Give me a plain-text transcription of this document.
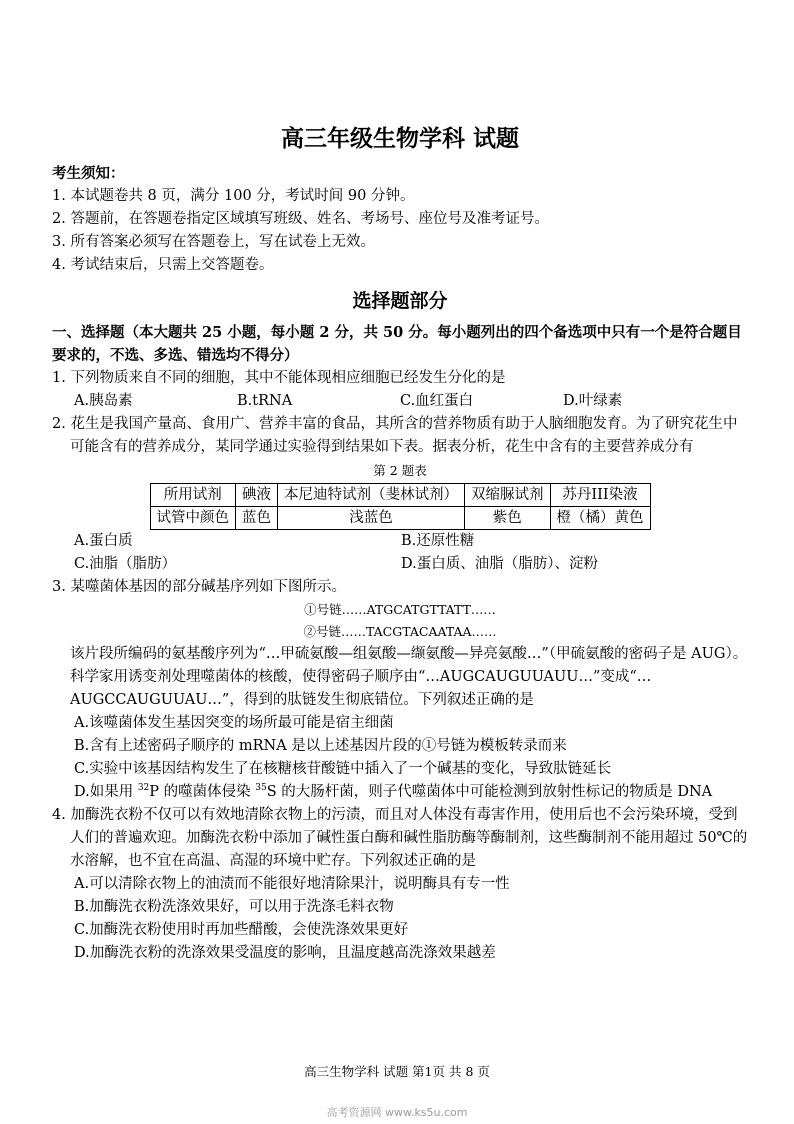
高三年级生物学科 试题

考生须知：

1. 本试题卷共 8 页，满分 100 分，考试时间 90 分钟。

2. 答题前，在答题卷指定区域填写班级、姓名、考场号、座位号及准考证号。

3. 所有答案必须写在答题卷上，写在试卷上无效。

4. 考试结束后，只需上交答题卷。

选择题部分

一、选择题（本大题共 25 小题，每小题 2 分，共 50 分。每小题列出的四个备选项中只有一个是符合题目要求的，不选、多选、错选均不得分）

1. 下列物质来自不同的细胞，其中不能体现相应细胞已经发生分化的是

A.胰岛素	B.tRNA	C.血红蛋白	D.叶绿素

2. 花生是我国产量高、食用广、营养丰富的食品，其所含的营养物质有助于人脑细胞发育。为了研究花生中可能含有的营养成分，某同学通过实验得到结果如下表。据表分析，花生中含有的主要营养成分有

第 2 题表
所用试剂	碘液	本尼迪特试剂（斐林试剂）	双缩脲试剂	苏丹III染液
试管中颜色	蓝色	浅蓝色	紫色	橙（橘）黄色
A.蛋白质	B.还原性糖
C.油脂（脂肪）	D.蛋白质、油脂（脂肪）、淀粉

3. 某噬菌体基因的部分碱基序列如下图所示。

①号链……ATGCATGTTATT……

②号链……TACGTACAATAA……

该片段所编码的氨基酸序列为“…甲硫氨酸—组氨酸—缬氨酸—异亮氨酸…”（甲硫氨酸的密码子是 AUG）。科学家用诱变剂处理噬菌体的核酸，使得密码子顺序由“…AUGCAUGUUAUU…”变成“…AUGCCAUGUUAU…”，得到的肽链发生彻底错位。下列叙述正确的是

A.该噬菌体发生基因突变的场所最可能是宿主细菌

B.含有上述密码子顺序的 mRNA 是以上述基因片段的①号链为模板转录而来

C.实验中该基因结构发生了在核糖核苷酸链中插入了一个碱基的变化，导致肽链延长

D.如果用 $^{32}$P 的噬菌体侵染 $^{35}$S 的大肠杆菌，则子代噬菌体中可能检测到放射性标记的物质是 DNA

4. 加酶洗衣粉不仅可以有效地清除衣物上的污渍，而且对人体没有毒害作用，使用后也不会污染环境，受到人们的普遍欢迎。加酶洗衣粉中添加了碱性蛋白酶和碱性脂肪酶等酶制剂，这些酶制剂不能用超过 50℃的水溶解，也不宜在高温、高湿的环境中贮存。下列叙述正确的是

A.可以清除衣物上的油渍而不能很好地清除果汁，说明酶具有专一性

B.加酶洗衣粉洗涤效果好，可以用于洗涤毛料衣物

C.加酶洗衣粉使用时再加些醋酸，会使洗涤效果更好

D.加酶洗衣粉的洗涤效果受温度的影响，且温度越高洗涤效果越差

高三生物学科 试题 第1页 共 8 页
高考资源网 www.ks5u.com
